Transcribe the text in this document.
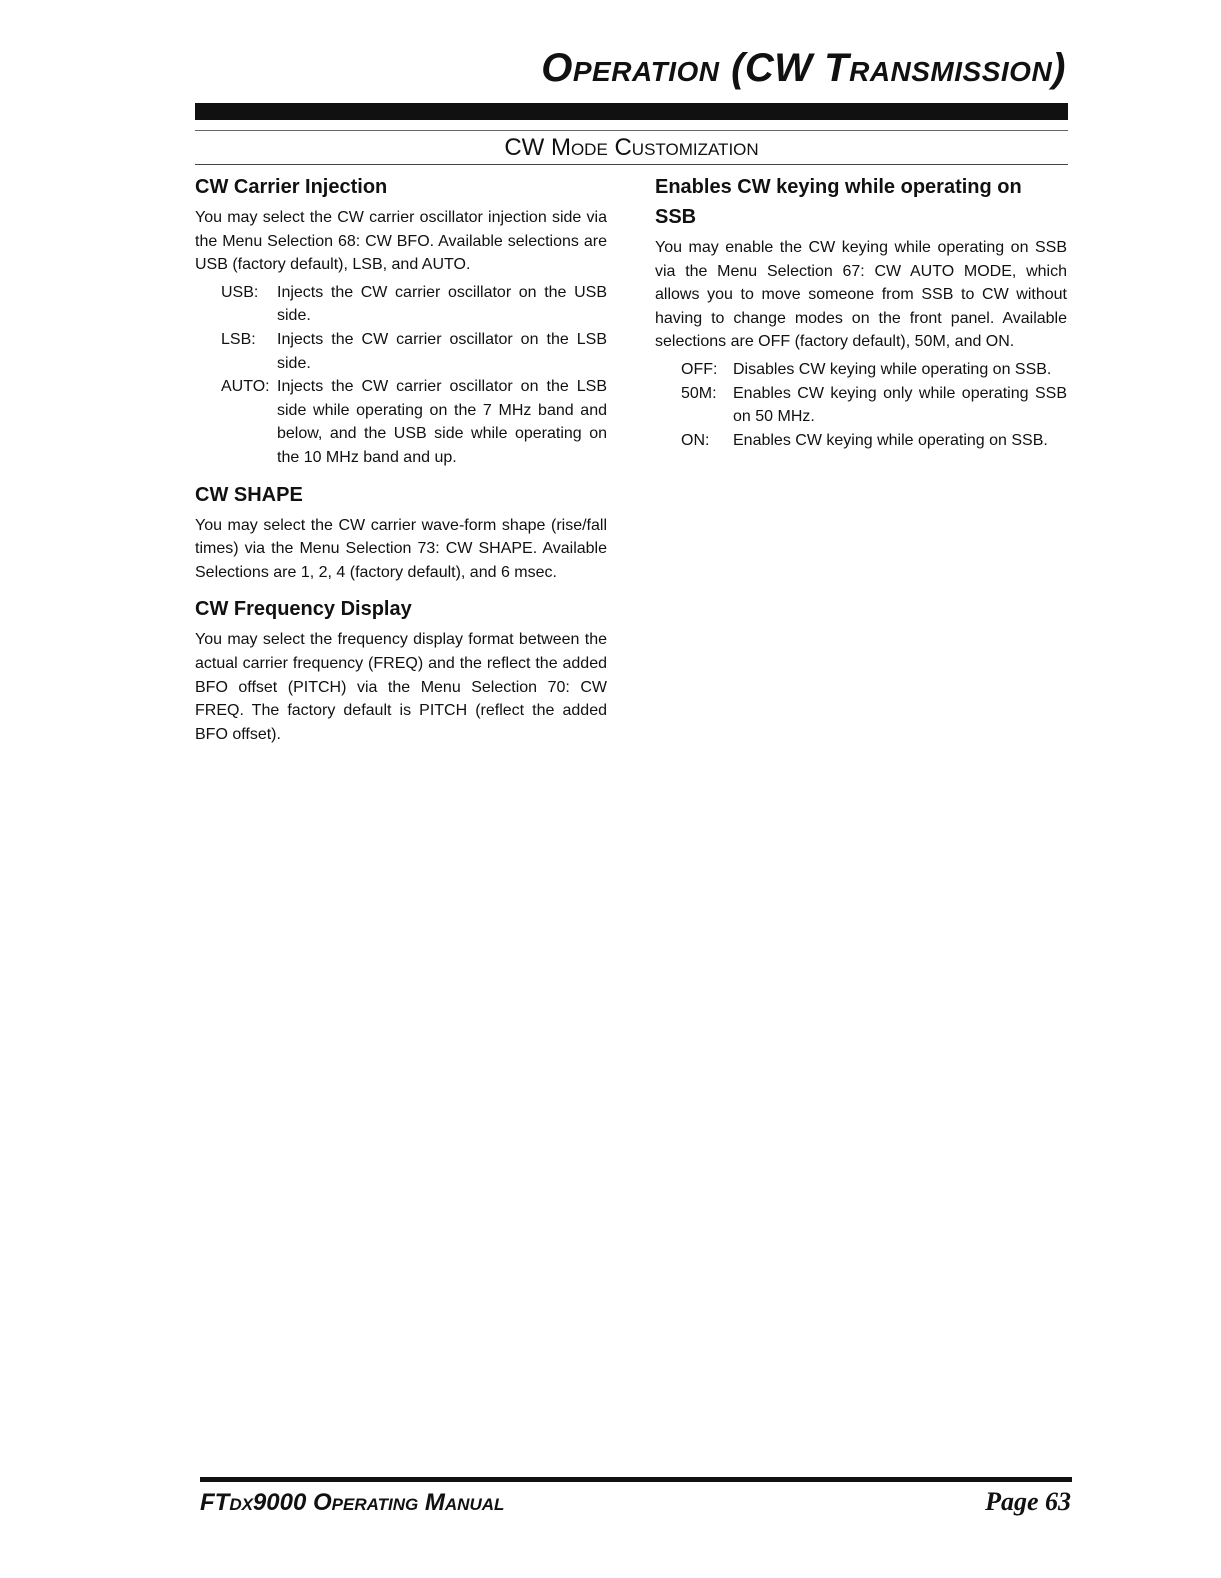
Operation (CW Transmission)
CW Mode Customization
CW Carrier Injection

You may select the CW carrier oscillator injection side via the Menu Selection 68: CW BFO. Available selections are USB (factory default), LSB, and AUTO.

USB:	Injects the CW carrier oscillator on the USB side.
LSB:	Injects the CW carrier oscillator on the LSB side.
AUTO: Injects the CW carrier oscillator on the LSB side while operating on the 7 MHz band and below, and the USB side while operating on the 10 MHz band and up.
CW SHAPE

You may select the CW carrier wave-form shape (rise/fall times) via the Menu Selection 73: CW SHAPE. Available Selections are 1, 2, 4 (factory default), and 6 msec.

CW Frequency Display

You may select the frequency display format between the actual carrier frequency (FREQ) and the reflect the added BFO offset (PITCH) via the Menu Selection 70: CW FREQ. The factory default is PITCH (reflect the added BFO offset).

Enables CW keying while operating on SSB

You may enable the CW keying while operating on SSB via the Menu Selection 67: CW AUTO MODE, which allows you to move someone from SSB to CW without having to change modes on the front panel. Available selections are OFF (factory default), 50M, and ON.

OFF: Disables CW keying while operating on SSB.
50M:	Enables CW keying only while operating SSB on 50 MHz.
ON:	Enables CW keying while operating on SSB.
FTdx9000 Operating Manual	Page 63
